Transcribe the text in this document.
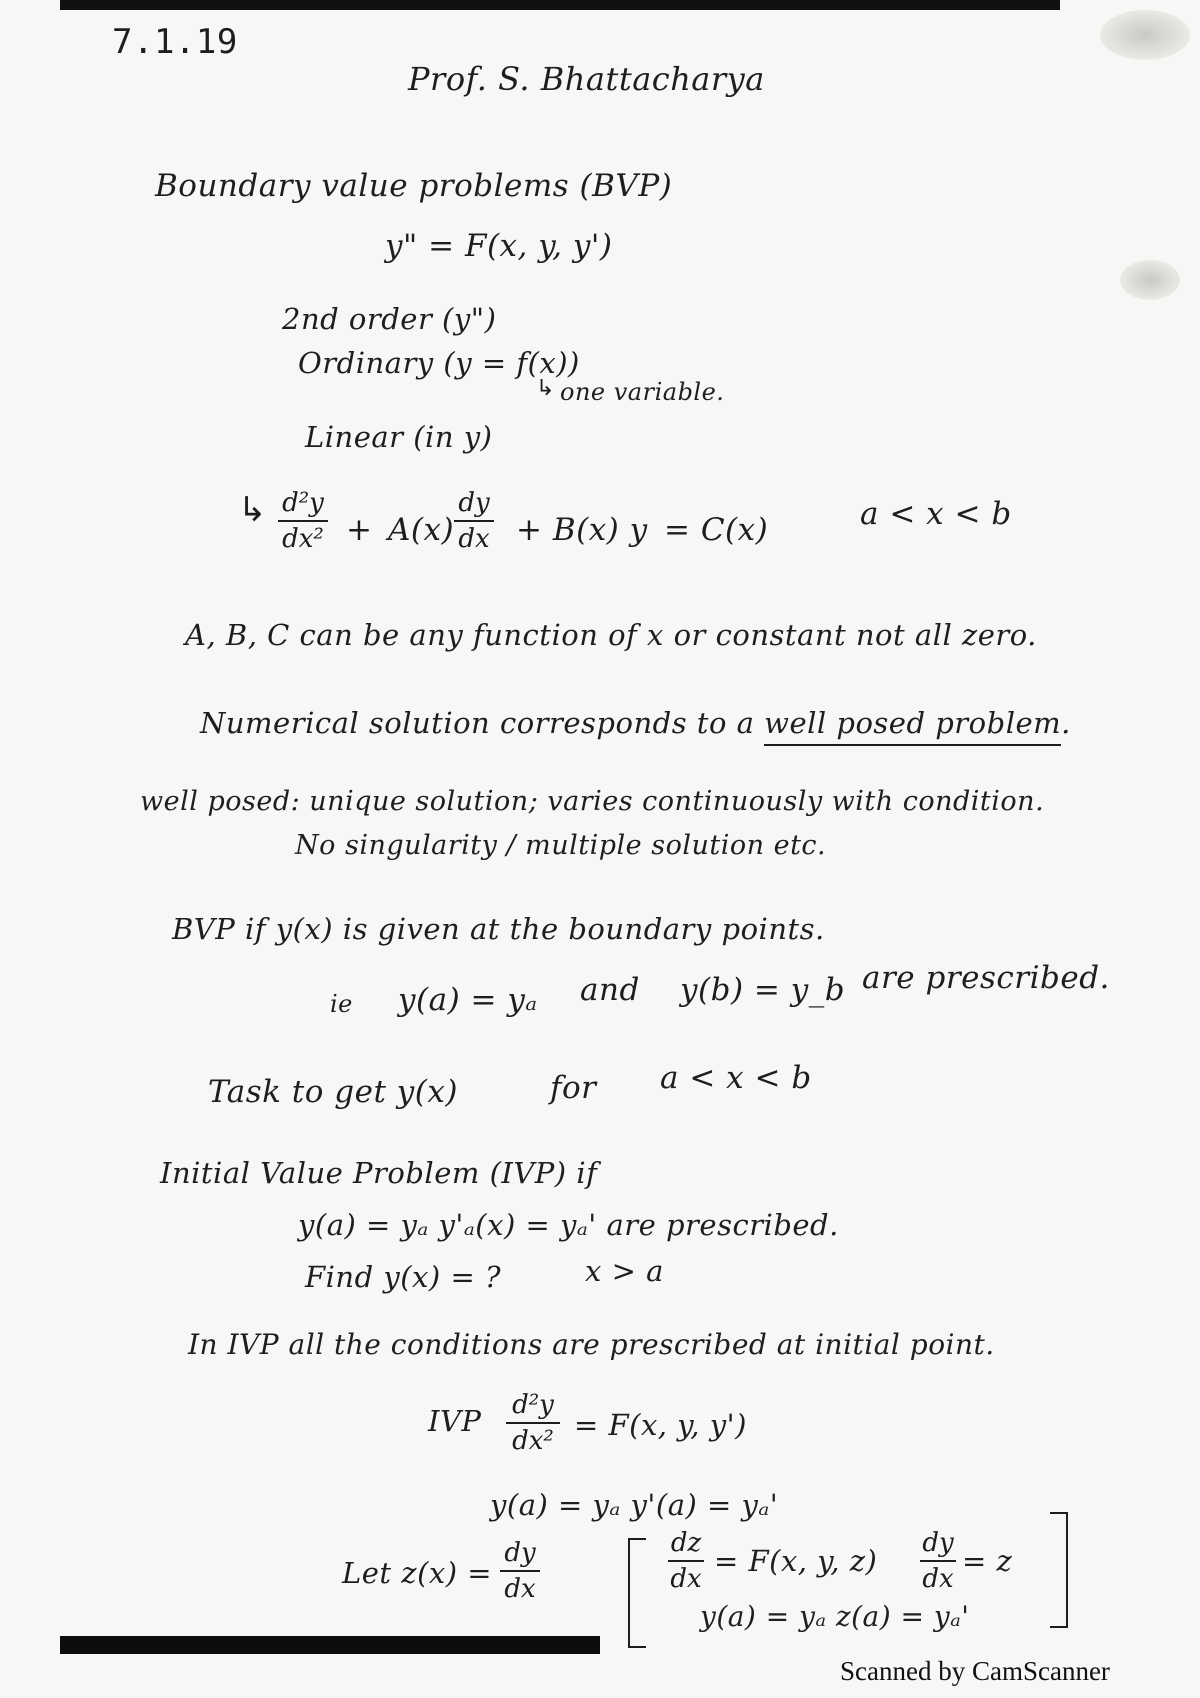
7.1.19
Prof. S. Bhattacharya
Boundary value problems (BVP)
y" = F(x, y, y')
2nd order (y")
Ordinary (y = f(x))
↳ one variable.
Linear (in y)
↳ d²y
dx² + A(x)
dy
dx + B(x) y = C(x)	a < x < b
A, B, C can be any function of x or constant not all zero.
Numerical solution corresponds to a well posed problem.
well posed: unique solution; varies continuously with condition.
No singularity / multiple solution etc.
BVP if y(x) is given at the boundary points.
ie y(a) = yₐ and y(b) = y_b are prescribed.
Task to get y(x)	for a < x < b
Initial Value Problem (IVP) if
y(a) = yₐ y'ₐ(x) = yₐ' are prescribed.
Find y(x) = ?	x > a
In IVP all the conditions are prescribed at initial point.
IVP d²y
dx² = F(x, y, y')
y(a) = yₐ y'(a) = yₐ'
Let z(x) =
dy
dx
dz
dx
= F(x, y, z)
dy
dx
= z
y(a) = yₐ z(a) = yₐ'
Scanned by CamScanner
